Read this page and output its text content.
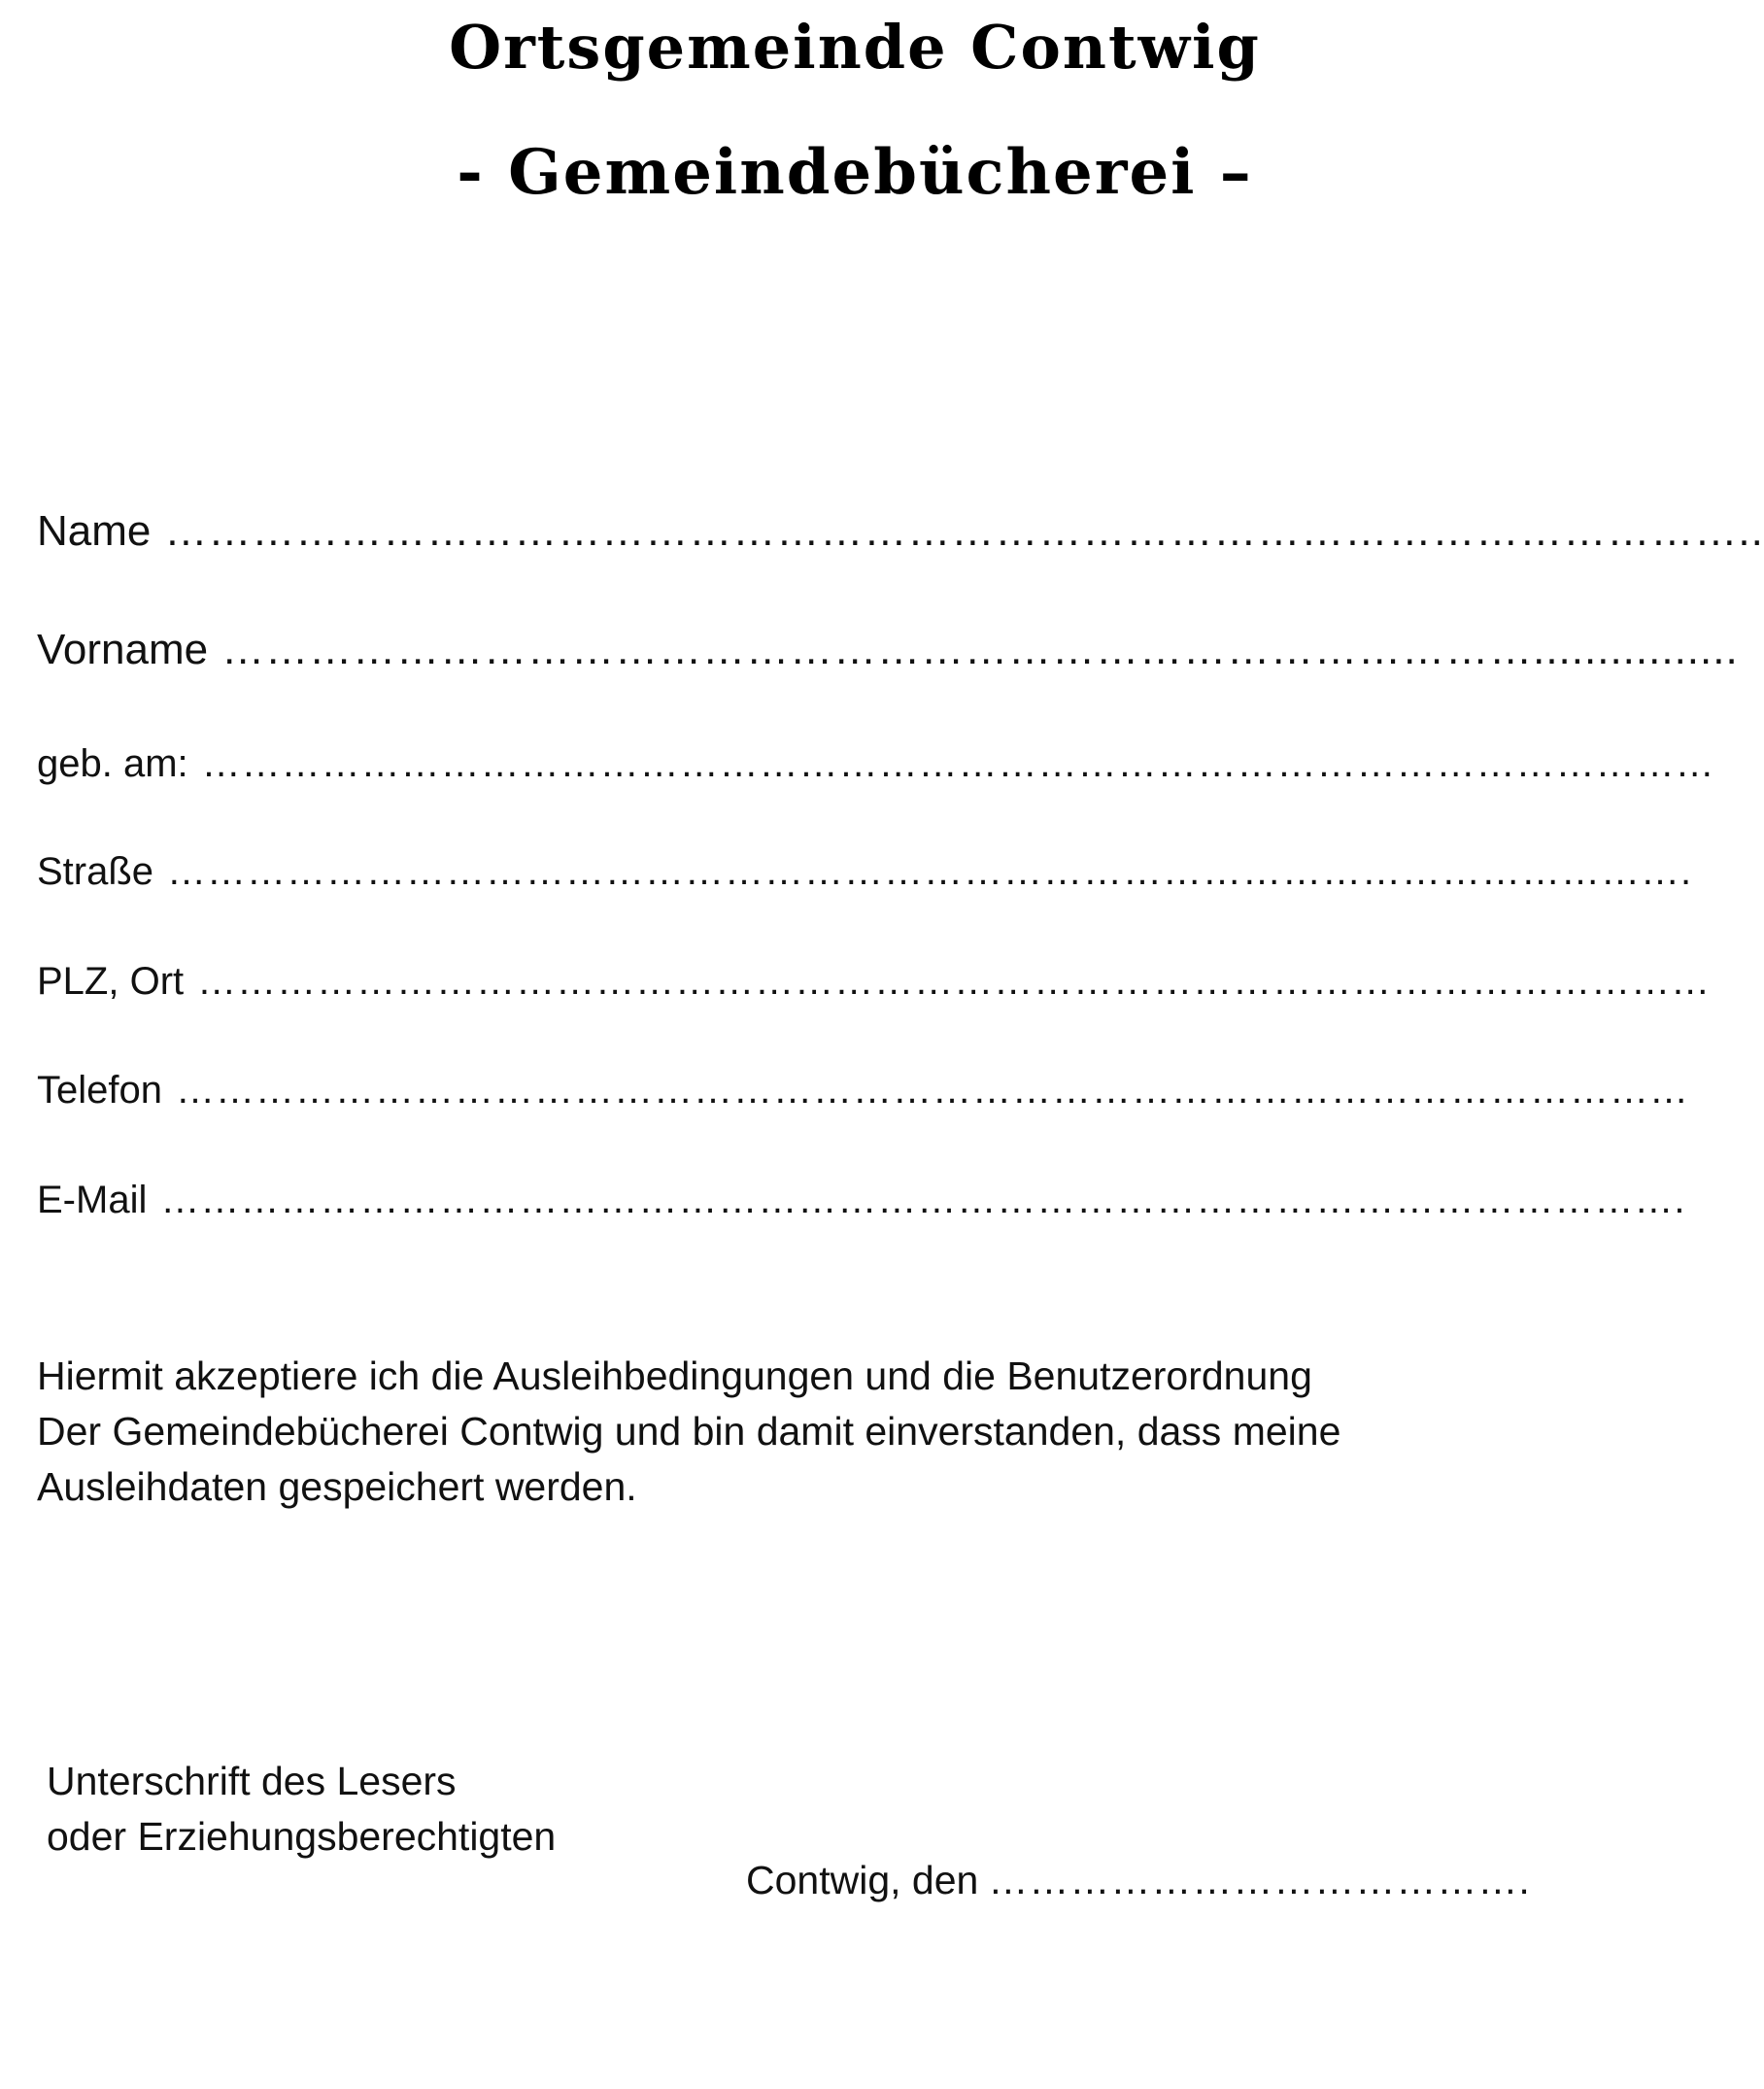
Ortsgemeinde Contwig
- Gemeindebücherei –
Name ………………………………………………………………………………………………..
Vorname ………………………………………………………………………………................
geb. am: ……………………………………………………………………………………………………
Straße …………………………………………………………………………………………………….
PLZ, Ort ……………………………………………………………………………………………………
Telefon ……………………………………………………………………………………………………
E-Mail …………………………………………………………………………………………………….
Hiermit akzeptiere ich die Ausleihbedingungen und die Benutzerordnung
Der Gemeindebücherei Contwig und bin damit einverstanden, dass meine
Ausleihdaten gespeichert werden.
Unterschrift des Lesers
oder Erziehungsberechtigten
Contwig, den ………………………………….
